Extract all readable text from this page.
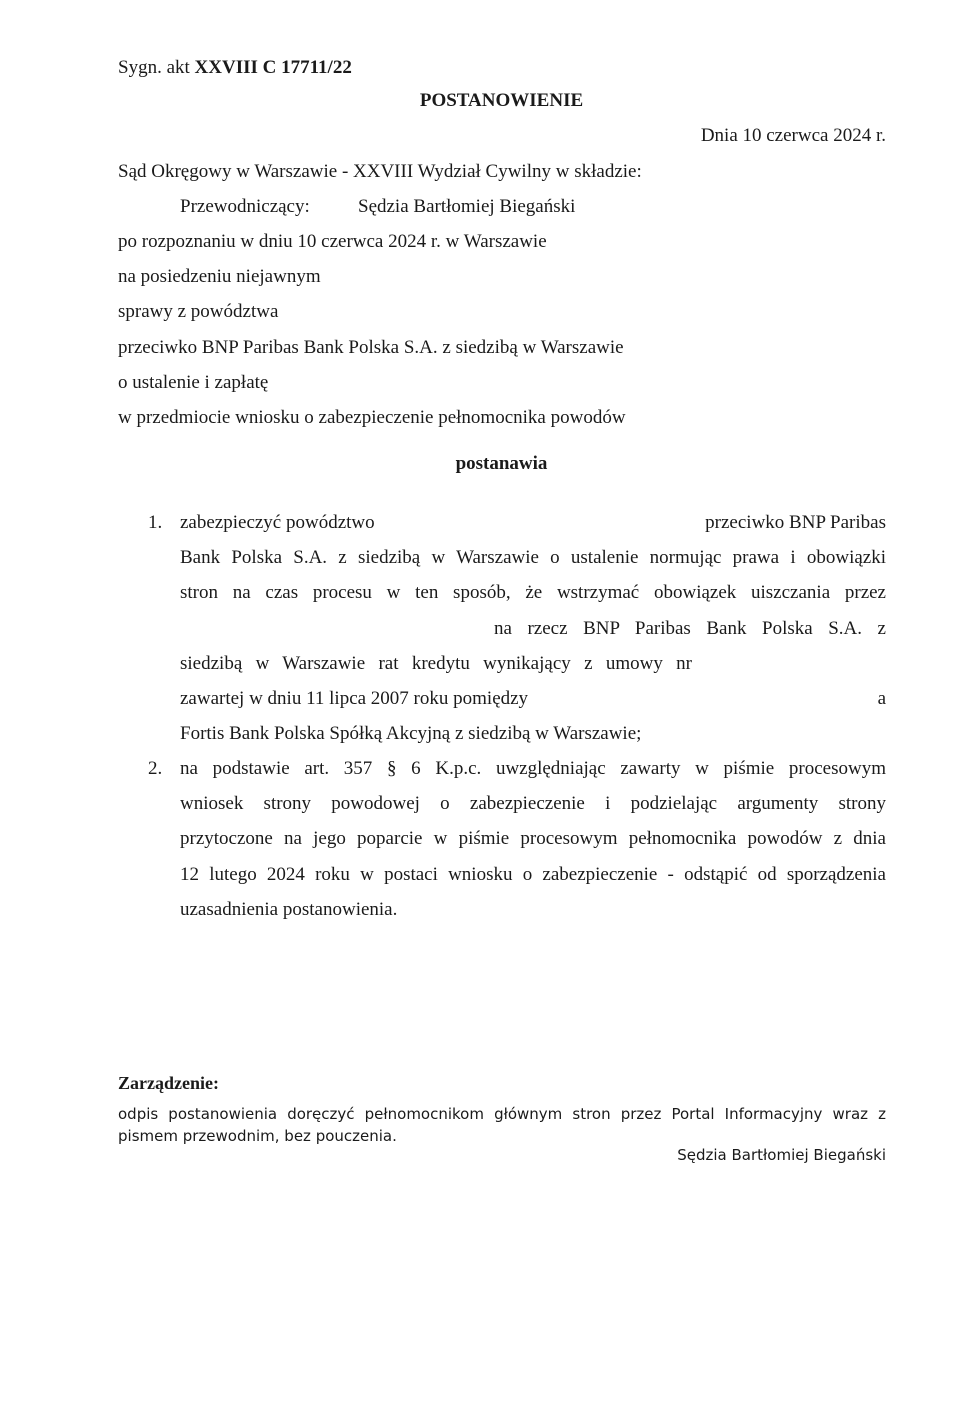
Sygn. akt XXVIII C 17711/22
POSTANOWIENIE
Dnia 10 czerwca 2024 r.
Sąd Okręgowy w Warszawie - XXVIII Wydział Cywilny w składzie:
Przewodniczący:	Sędzia Bartłomiej Biegański
po rozpoznaniu w dniu 10 czerwca 2024 r. w Warszawie
na posiedzeniu niejawnym
sprawy z powództwa
przeciwko BNP Paribas Bank Polska S.A. z siedzibą w Warszawie
o ustalenie i zapłatę
w przedmiocie wniosku o zabezpieczenie pełnomocnika powodów
postanawia
1. zabezpieczyć powództwo	przeciwko BNP Paribas
Bank Polska S.A. z siedzibą w Warszawie o ustalenie normując prawa i obowiązki
stron na czas procesu w ten sposób, że wstrzymać obowiązek uiszczania przez
na rzecz BNP Paribas Bank Polska S.A. z
siedzibą w Warszawie rat kredytu wynikający z umowy nr
zawartej w dniu 11 lipca 2007 roku pomiędzy	a
Fortis Bank Polska Spółką Akcyjną z siedzibą w Warszawie;
2. na podstawie art. 357 § 6 K.p.c. uwzględniając zawarty w piśmie procesowym
wniosek strony powodowej o zabezpieczenie i podzielając argumenty strony
przytoczone na jego poparcie w piśmie procesowym pełnomocnika powodów z dnia
12 lutego 2024 roku w postaci wniosku o zabezpieczenie - odstąpić od sporządzenia
uzasadnienia postanowienia.
Zarządzenie:
odpis postanowienia doręczyć pełnomocnikom głównym stron przez Portal Informacyjny wraz z
pismem przewodnim, bez pouczenia.
Sędzia Bartłomiej Biegański
